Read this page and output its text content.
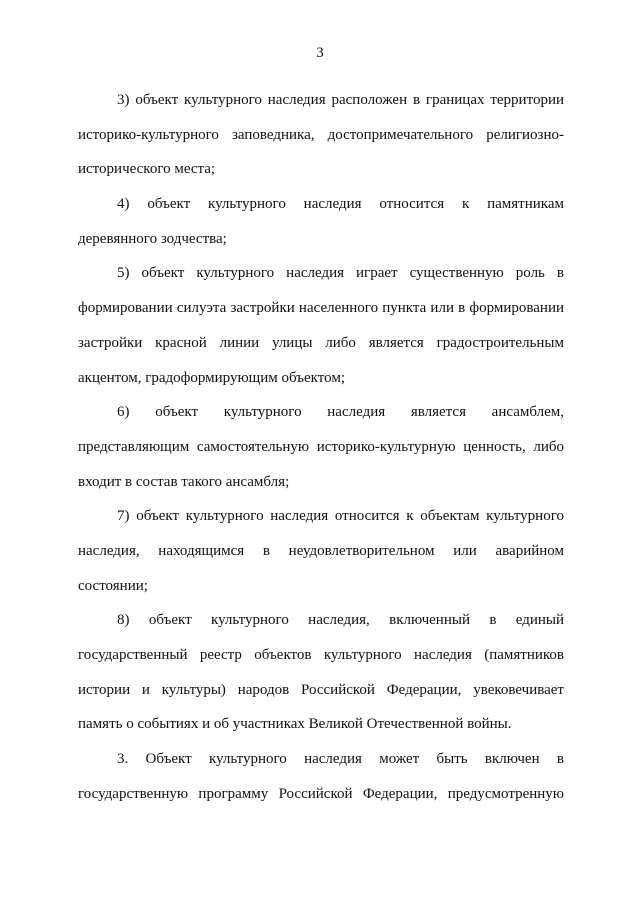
3
3) объект культурного наследия расположен в границах территории
историко-культурного заповедника, достопримечательного религиозно-
исторического места;
4) объект культурного наследия относится к памятникам
деревянного зодчества;
5) объект культурного наследия играет существенную роль в
формировании силуэта застройки населенного пункта или в формировании
застройки красной линии улицы либо является градостроительным
акцентом, градоформирующим объектом;
6) объект культурного наследия является ансамблем,
представляющим самостоятельную историко-культурную ценность, либо
входит в состав такого ансамбля;
7) объект культурного наследия относится к объектам культурного
наследия, находящимся в неудовлетворительном или аварийном
состоянии;
8) объект культурного наследия, включенный в единый
государственный реестр объектов культурного наследия (памятников
истории и культуры) народов Российской Федерации, увековечивает
память о событиях и об участниках Великой Отечественной войны.
3. Объект культурного наследия может быть включен в
государственную программу Российской Федерации, предусмотренную
